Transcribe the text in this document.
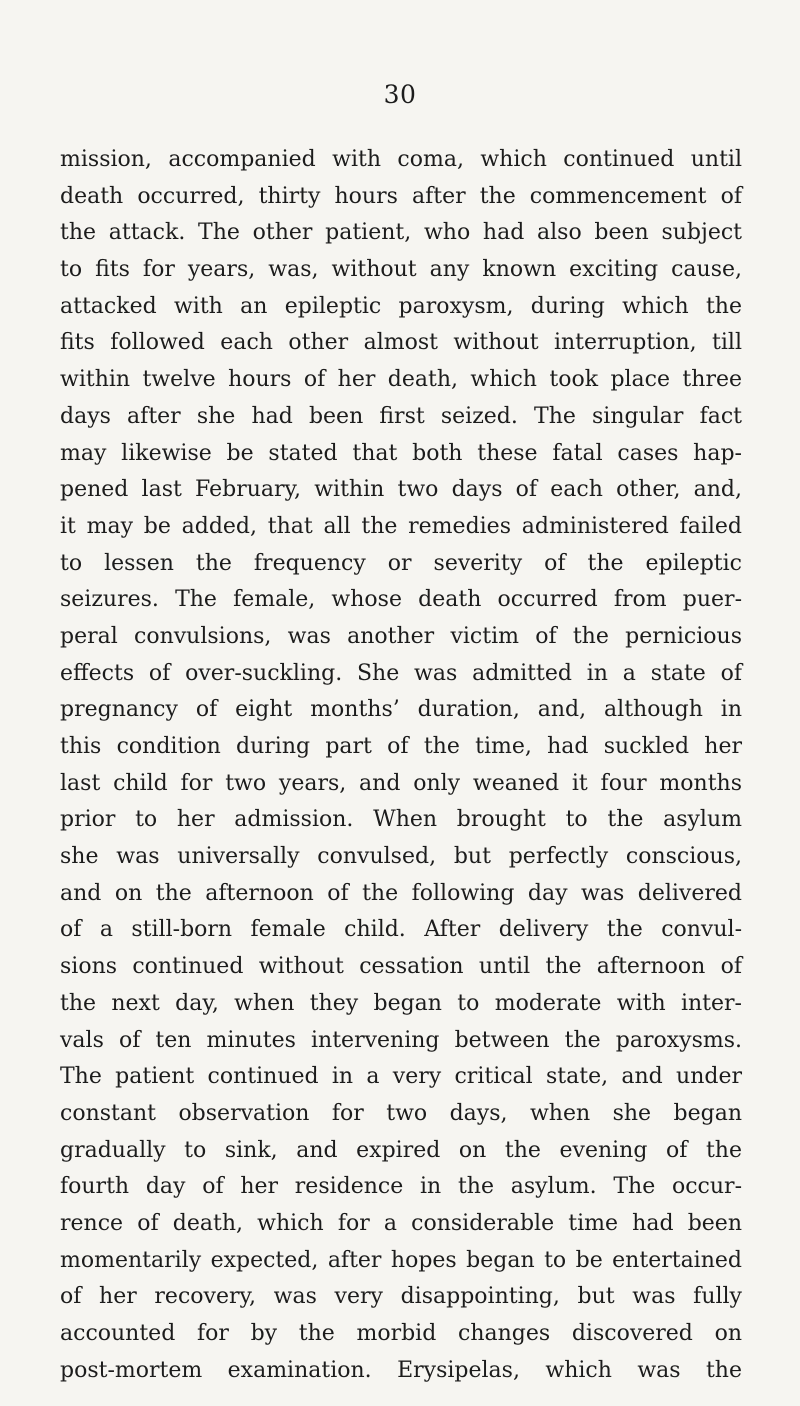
30
mission, accompanied with coma, which continued until
death occurred, thirty hours after the commencement of
the attack. The other patient, who had also been subject
to fits for years, was, without any known exciting cause,
attacked with an epileptic paroxysm, during which the
fits followed each other almost without interruption, till
within twelve hours of her death, which took place three
days after she had been first seized. The singular fact
may likewise be stated that both these fatal cases hap-
pened last February, within two days of each other, and,
it may be added, that all the remedies administered failed
to lessen the frequency or severity of the epileptic
seizures. The female, whose death occurred from puer-
peral convulsions, was another victim of the pernicious
effects of over-suckling. She was admitted in a state of
pregnancy of eight months’ duration, and, although in
this condition during part of the time, had suckled her
last child for two years, and only weaned it four months
prior to her admission. When brought to the asylum
she was universally convulsed, but perfectly conscious,
and on the afternoon of the following day was delivered
of a still-born female child. After delivery the convul-
sions continued without cessation until the afternoon of
the next day, when they began to moderate with inter-
vals of ten minutes intervening between the paroxysms.
The patient continued in a very critical state, and under
constant observation for two days, when she began
gradually to sink, and expired on the evening of the
fourth day of her residence in the asylum. The occur-
rence of death, which for a considerable time had been
momentarily expected, after hopes began to be entertained
of her recovery, was very disappointing, but was fully
accounted for by the morbid changes discovered on
post-mortem examination. Erysipelas, which was the
